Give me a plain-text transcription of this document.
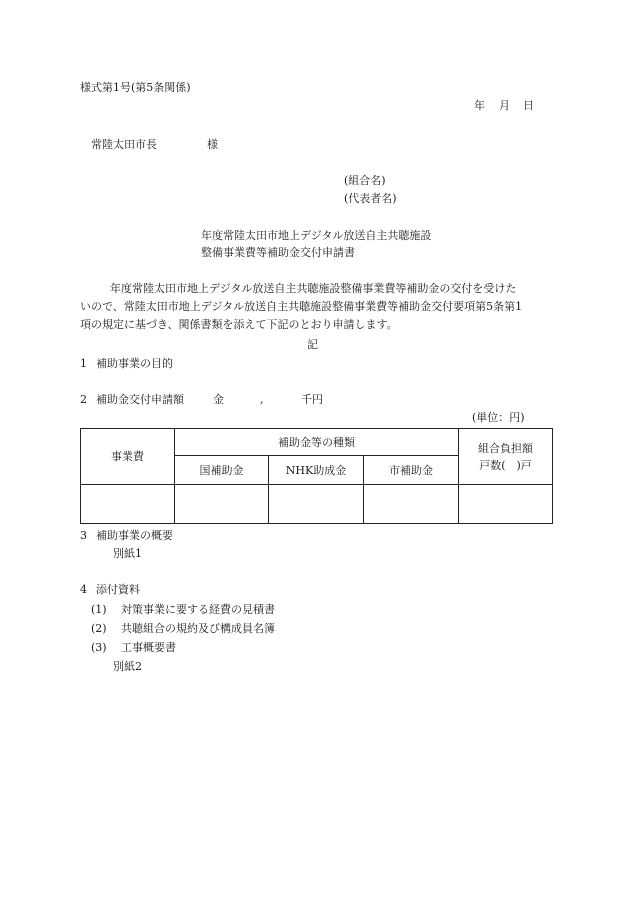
様式第1号(第5条関係)
年 月 日
常陸太田市長	様
(組合名)
(代表者名)
年度常陸太田市地上デジタル放送自主共聴施設
整備事業費等補助金交付申請書
年度常陸太田市地上デジタル放送自主共聴施設整備事業費等補助金の交付を受けた
いので、常陸太田市地上デジタル放送自主共聴施設整備事業費等補助金交付要項第5条第1
項の規定に基づき、関係書類を添えて下記のとおり申請します。
記
1 補助事業の目的
2 補助金交付申請額	金	,	千円
(単位：円)
事業費	補助金等の種類			組合負担額
戸数(　)戸

	国補助金	NHK助成金	市補助金	

3 補助事業の概要
別紙1
4 添付資料
(1) 対策事業に要する経費の見積書
(2) 共聴組合の規約及び構成員名簿
(3) 工事概要書
別紙2
